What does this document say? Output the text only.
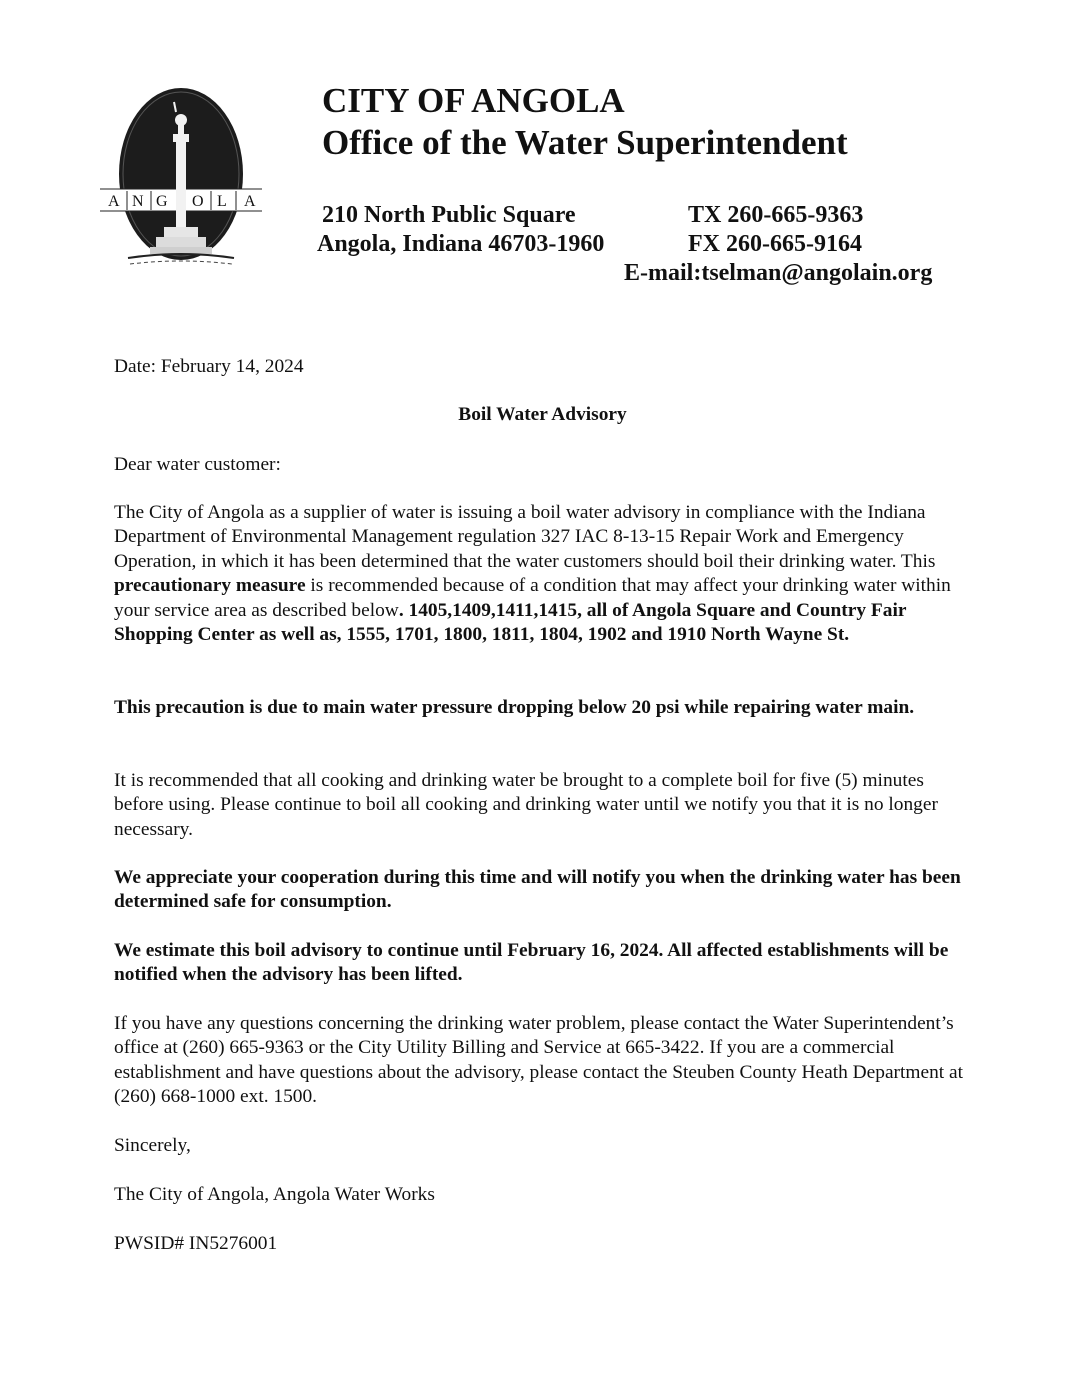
A N G O L A
CITY OF ANGOLA
Office of the Water Superintendent
210 North Public Square
Angola, Indiana 46703-1960
TX 260-665-9363
FX 260-665-9164
E-mail:tselman@angolain.org
Date: February 14, 2024
Boil Water Advisory
Dear water customer:
The City of Angola as a supplier of water is issuing a boil water advisory in compliance with the Indiana Department of Environmental Management regulation 327 IAC 8-13-15 Repair Work and Emergency Operation, in which it has been determined that the water customers should boil their drinking water. This precautionary measure is recommended because of a condition that may affect your drinking water within your service area as described below. 1405,1409,1411,1415, all of Angola Square and Country Fair Shopping Center as well as, 1555, 1701, 1800, 1811, 1804, 1902 and 1910 North Wayne St.
This precaution is due to main water pressure dropping below 20 psi while repairing water main.
It is recommended that all cooking and drinking water be brought to a complete boil for five (5) minutes before using. Please continue to boil all cooking and drinking water until we notify you that it is no longer necessary.
We appreciate your cooperation during this time and will notify you when the drinking water has been determined safe for consumption.
We estimate this boil advisory to continue until February 16, 2024. All affected establishments will be notified when the advisory has been lifted.
If you have any questions concerning the drinking water problem, please contact the Water Superintendent’s office at (260) 665-9363 or the City Utility Billing and Service at 665-3422. If you are a commercial establishment and have questions about the advisory, please contact the Steuben County Heath Department at (260) 668-1000 ext. 1500.
Sincerely,
The City of Angola, Angola Water Works
PWSID# IN5276001
